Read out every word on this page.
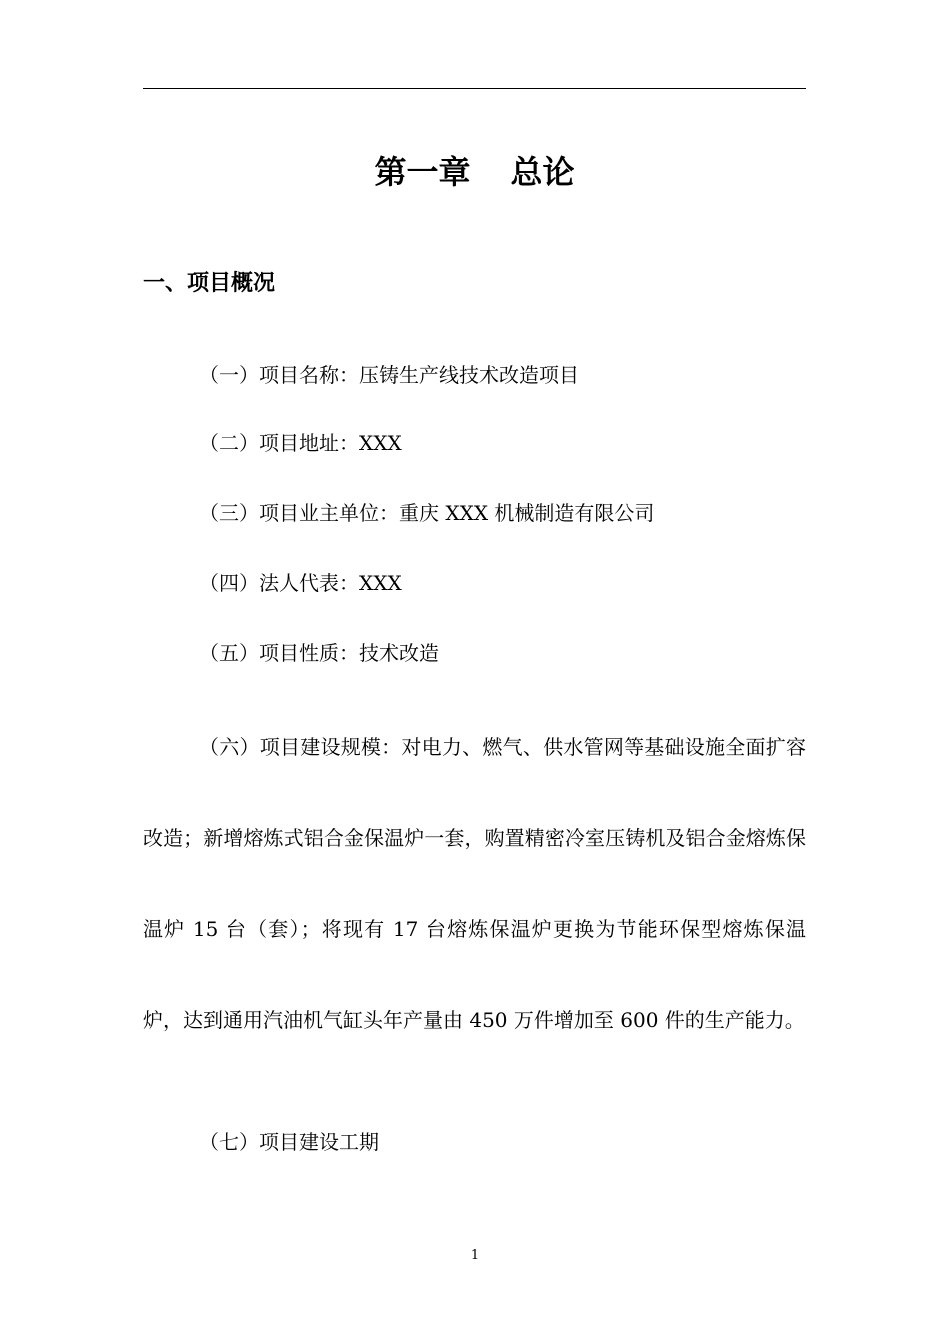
第一章 总论
一、项目概况
（一）项目名称：压铸生产线技术改造项目
（二）项目地址：XXX
（三）项目业主单位：重庆 XXX 机械制造有限公司
（四）法人代表：XXX
（五）项目性质：技术改造

（六）项目建设规模：对电力、燃气、供水管网等基础设施全面扩容改造；新增熔炼式铝合金保温炉一套，购置精密冷室压铸机及铝合金熔炼保温炉 15 台（套）；将现有 17 台熔炼保温炉更换为节能环保型熔炼保温炉，达到通用汽油机气缸头年产量由 450 万件增加至 600 件的生产能力。

（七）项目建设工期
1
